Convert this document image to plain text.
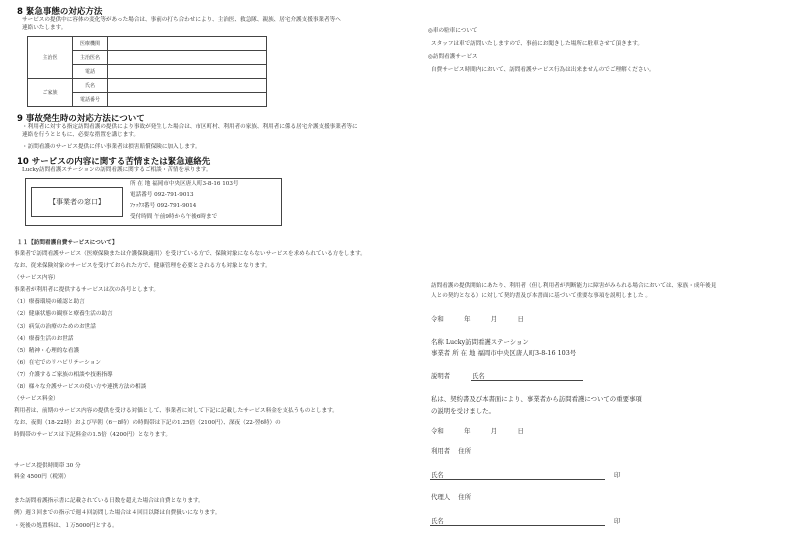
8 緊急事態の対応方法
サービスの提供中に容体の変化等があった場合は、事前の打ち合わせにより、主治医、救急隊、親族、居宅介護支援事業者等へ
連絡いたします。
主治医	医療機関	
	主治医名	
	電話	
ご家族	氏名	
	電話番号	
9 事故発生時の対応方法について
・利用者に対する指定訪問看護の提供により事故が発生した場合は、市区町村、利用者の家族、利用者に係る居宅介護支援事業者等に
連絡を行うとともに、必要な措置を講じます。
・訪問看護のサービス提供に伴い事業者は損害賠償保険に加入します。
10 サービスの内容に関する苦情または緊急連絡先
Lucky訪問看護ステーションの訪問看護に関するご相談・苦情を承ります。
【事業者の窓口】
所 在 地 福岡市中央区唐人町3-8-16 103号
電話番号 092-791-9013
ﾌｧｯｸｽ番号 092-791-9014
受付時間 午前9時から午後6時まで
１１【訪問看護自費サービスについて】
事業者で訪問看護サービス（医療保険または介護保険適用）を受けている方で、保険対象にならないサービスを求められている方をします。
なお、従来保険対象のサービスを受けておられた方で、健康管理を必要とされる方も対象となります。
（サービス内容）
事業者が利用者に提供するサービスは次の各号とします。
（1）療養環境の確認と助言
（2）健康状態の観察と療養生活の助言
（3）病気の治療のためのお世話
（4）療養生活のお世話
（5）精神・心理的な看護
（6）在宅でのリハビリテーション
（7）介護するご家族の相談や技術指導
（8）様々な介護サービスの使い方や連携方法の相談
（サービス料金）
利用者は、前期のサービス内容の提供を受ける対価として、事業者に対して下記に記載したサービス料金を支払うものとします。
なお、夜間（18-22時）および早朝（6－8時）の時間帯は下記の1.25倍（2100円）、深夜（22-翌6時）の
時間帯のサービスは下記料金の1.5倍（4200円）となります。
サービス提供時間帯 30 分
料金 4500円（税別）
また訪問看護指示書に記載されている日数を超えた場合は自費となります。
例）週３回までの指示で週４回訪問した場合は４回目以降は自費扱いになります。
・死後の処置料は、１万5000円とする。
◎車の駐車について
スタッフは車で訪問いたしますので、事前にお聞きした場所に駐車させて頂きます。
◎訪問看護サービス
自費サービス時間内において、訪問看護サービス行為は出来ませんのでご理解ください。
訪問看護の提供開始にあたり、利用者（但し利用者が判断能力に障害がみられる場合においては、家族・成年後見
人との契約となる）に対して契約書及び本書面に基づいて重要な事項を説明しました 。
令和          年          月          日
名称 Lucky訪問看護ステーション
事業者 所 在 地 福岡市中央区唐人町3-8-16 103号
説明者	氏名
私は、契約書及び本書面により、事業者から訪問看護についての重要事項
の説明を受けました。
令和          年          月          日
利用者    住所
氏名	印
代理人    住所
氏名	印
